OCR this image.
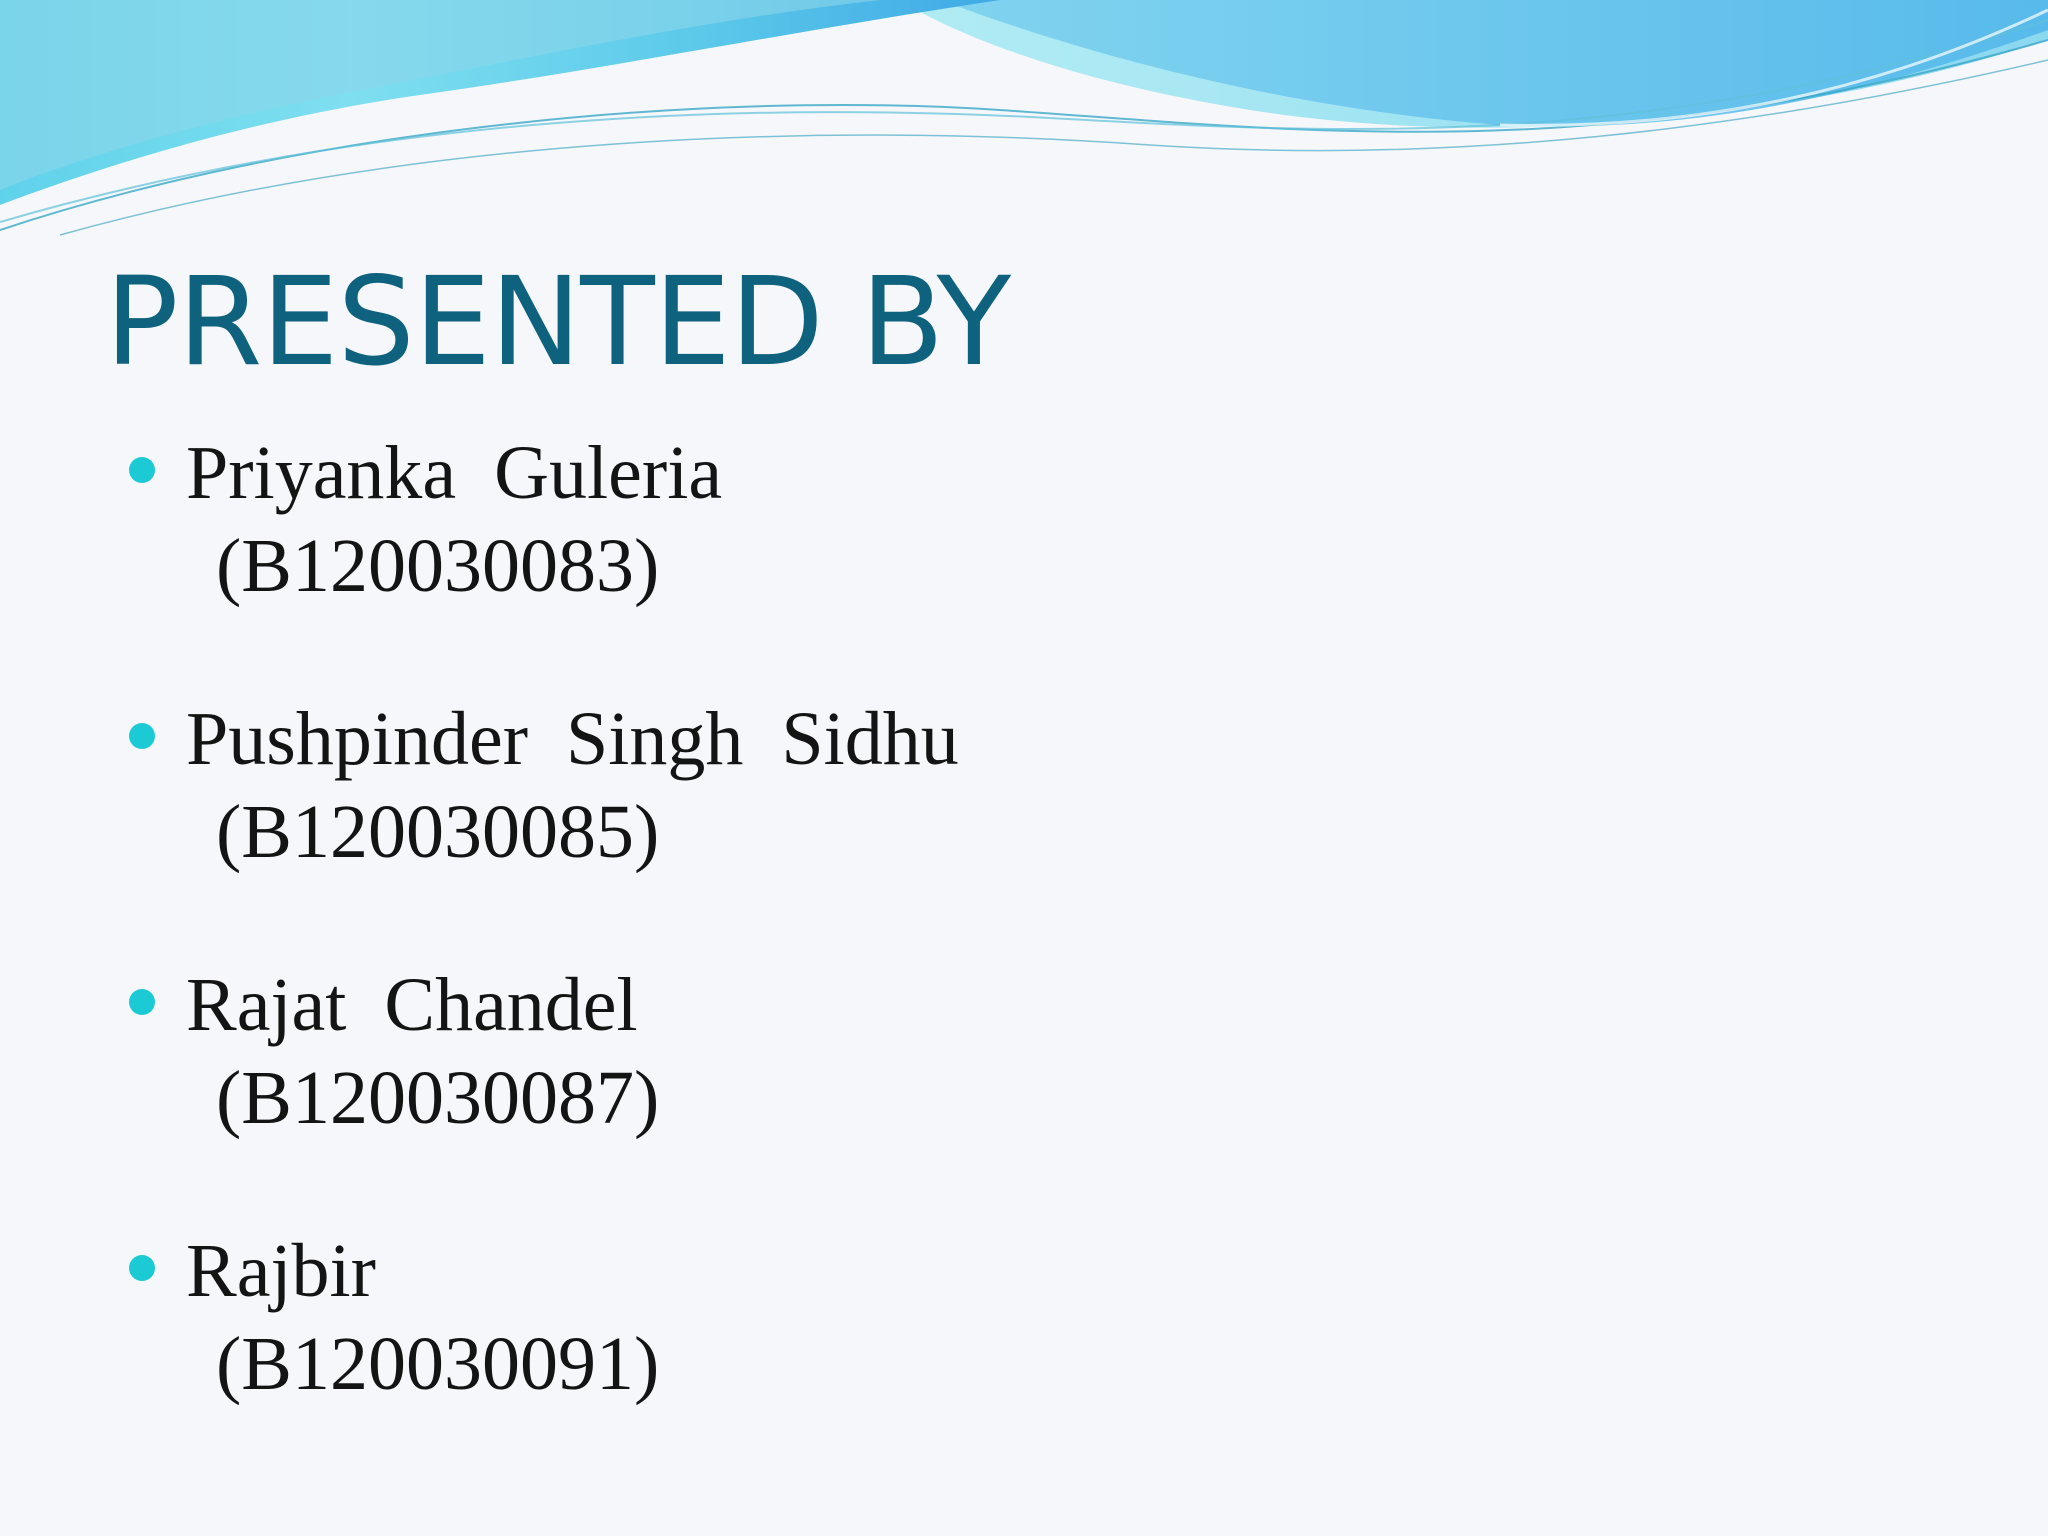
PRESENTED BY
Priyanka  Guleria
(B120030083)
Pushpinder  Singh  Sidhu
(B120030085)
Rajat  Chandel
(B120030087)
Rajbir
(B120030091)
